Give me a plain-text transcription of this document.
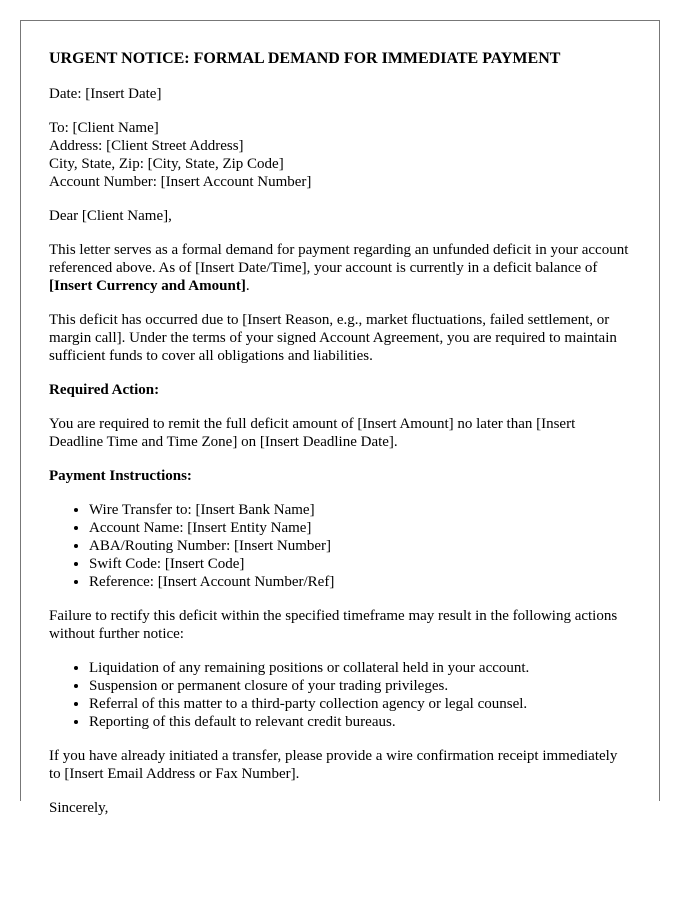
URGENT NOTICE: FORMAL DEMAND FOR IMMEDIATE PAYMENT

Date: [Insert Date]

To: [Client Name]
Address: [Client Street Address]
City, State, Zip: [City, State, Zip Code]
Account Number: [Insert Account Number]

Dear [Client Name],

This letter serves as a formal demand for payment regarding an unfunded deficit in your account referenced above. As of [Insert Date/Time], your account is currently in a deficit balance of [Insert Currency and Amount].

This deficit has occurred due to [Insert Reason, e.g., market fluctuations, failed settlement, or margin call]. Under the terms of your signed Account Agreement, you are required to maintain sufficient funds to cover all obligations and liabilities.

Required Action:

You are required to remit the full deficit amount of [Insert Amount] no later than [Insert Deadline Time and Time Zone] on [Insert Deadline Date].

Payment Instructions:

• Wire Transfer to: [Insert Bank Name]
• Account Name: [Insert Entity Name]
• ABA/Routing Number: [Insert Number]
• Swift Code: [Insert Code]
• Reference: [Insert Account Number/Ref]

Failure to rectify this deficit within the specified timeframe may result in the following actions without further notice:

• Liquidation of any remaining positions or collateral held in your account.
• Suspension or permanent closure of your trading privileges.
• Referral of this matter to a third-party collection agency or legal counsel.
• Reporting of this default to relevant credit bureaus.

If you have already initiated a transfer, please provide a wire confirmation receipt immediately to [Insert Email Address or Fax Number].

Sincerely,
